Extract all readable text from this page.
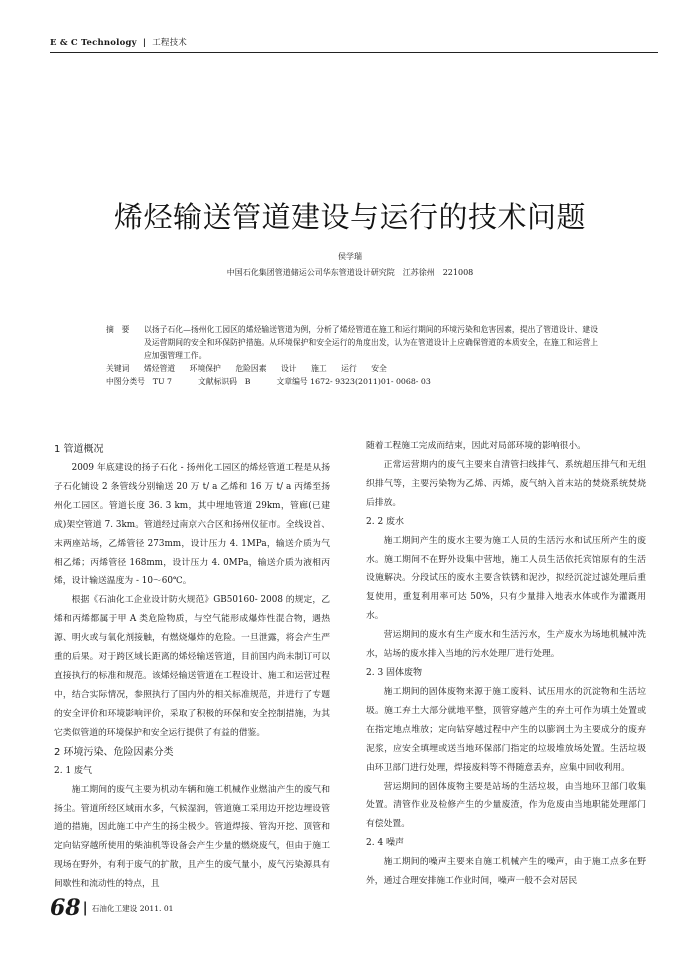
E & C Technology  |  工程技术
烯烃输送管道建设与运行的技术问题
侯学瑞
中国石化集团管道储运公司华东管道设计研究院　江苏徐州　221008
摘　要	以扬子石化—扬州化工园区的烯烃输送管道为例，分析了烯烃管道在施工和运行期间的环境污染和危害因素，提出了管道设计、建设及运营期间的安全和环保防护措施。从环境保护和安全运行的角度出发，认为在管道设计上应确保管道的本质安全，在施工和运营上应加强管理工作。
关键词	烯烃管道 环境保护 危险因素 设计 施工 运行 安全
中图分类号　TU 7	文献标识码　B	文章编号 1672- 9323(2011)01- 0068- 03
1 管道概况

2009 年底建设的扬子石化 - 扬州化工园区的烯烃管道工程是从扬子石化铺设 2 条管线分别输送 20 万 t/ a 乙烯和 16 万 t/ a 丙烯至扬州化工园区。管道长度 36. 3 km，其中埋地管道 29km，管廊(已建成)架空管道 7. 3km。管道经过南京六合区和扬州仪征市。全线设首、末两座站场，乙烯管径 273mm，设计压力 4. 1MPa，输送介质为气相乙烯；丙烯管径 168mm，设计压力 4. 0MPa，输送介质为液相丙烯，设计输送温度为 - 10～60℃。

根据《石油化工企业设计防火规范》GB50160- 2008 的规定，乙烯和丙烯都属于甲 A 类危险物质，与空气能形成爆炸性混合物，遇热源、明火或与氧化剂接触，有燃烧爆炸的危险。一旦泄露，将会产生严重的后果。对于跨区域长距离的烯烃输送管道，目前国内尚未制订可以直接执行的标准和规范。该烯烃输送管道在工程设计、施工和运营过程中，结合实际情况，参照执行了国内外的相关标准规范，并进行了专题的安全评价和环境影响评价，采取了积极的环保和安全控制措施，为其它类似管道的环境保护和安全运行提供了有益的借鉴。

2 环境污染、危险因素分类
2. 1 废气

施工期间的废气主要为机动车辆和施工机械作业燃油产生的废气和扬尘。管道所经区域雨水多，气候湿润，管道施工采用边开挖边埋设管道的措施，因此施工中产生的扬尘极少。管道焊接、管沟开挖、顶管和定向钻穿越所使用的柴油机等设备会产生少量的燃烧废气，但由于施工现场在野外，有利于废气的扩散，且产生的废气量小，废气污染源具有间歇性和流动性的特点，且

随着工程施工完成而结束，因此对局部环境的影响很小。

正常运营期内的废气主要来自清管扫线排气、系统超压排气和无组织排气等，主要污染物为乙烯、丙烯，废气纳入首末站的焚烧系统焚烧后排放。

2. 2 废水

施工期间产生的废水主要为施工人员的生活污水和试压所产生的废水。施工期间不在野外设集中营地，施工人员生活依托宾馆原有的生活设施解决。分段试压的废水主要含铁锈和泥沙，拟经沉淀过滤处理后重复使用，重复利用率可达 50%，只有少量排入地表水体或作为灌溉用水。

营运期间的废水有生产废水和生活污水，生产废水为场地机械冲洗水，站场的废水排入当地的污水处理厂进行处理。

2. 3 固体废物

施工期间的固体废物来源于施工废料、试压用水的沉淀物和生活垃圾。施工弃土大部分就地平整，顶管穿越产生的弃土可作为填土处置或在指定地点堆放；定向钻穿越过程中产生的以膨润土为主要成分的废弃泥浆，应安全填埋或送当地环保部门指定的垃圾堆放场处置。生活垃圾由环卫部门进行处理，焊接废料等不得随意丢弃，应集中回收利用。

营运期间的固体废物主要是站场的生活垃圾，由当地环卫部门收集处置。清管作业及检修产生的少量废渣，作为危废由当地职能处理部门有偿处置。

2. 4 噪声

施工期间的噪声主要来自施工机械产生的噪声，由于施工点多在野外，通过合理安排施工作业时间，噪声一般不会对居民

68 | 石油化工建设 2011. 01
